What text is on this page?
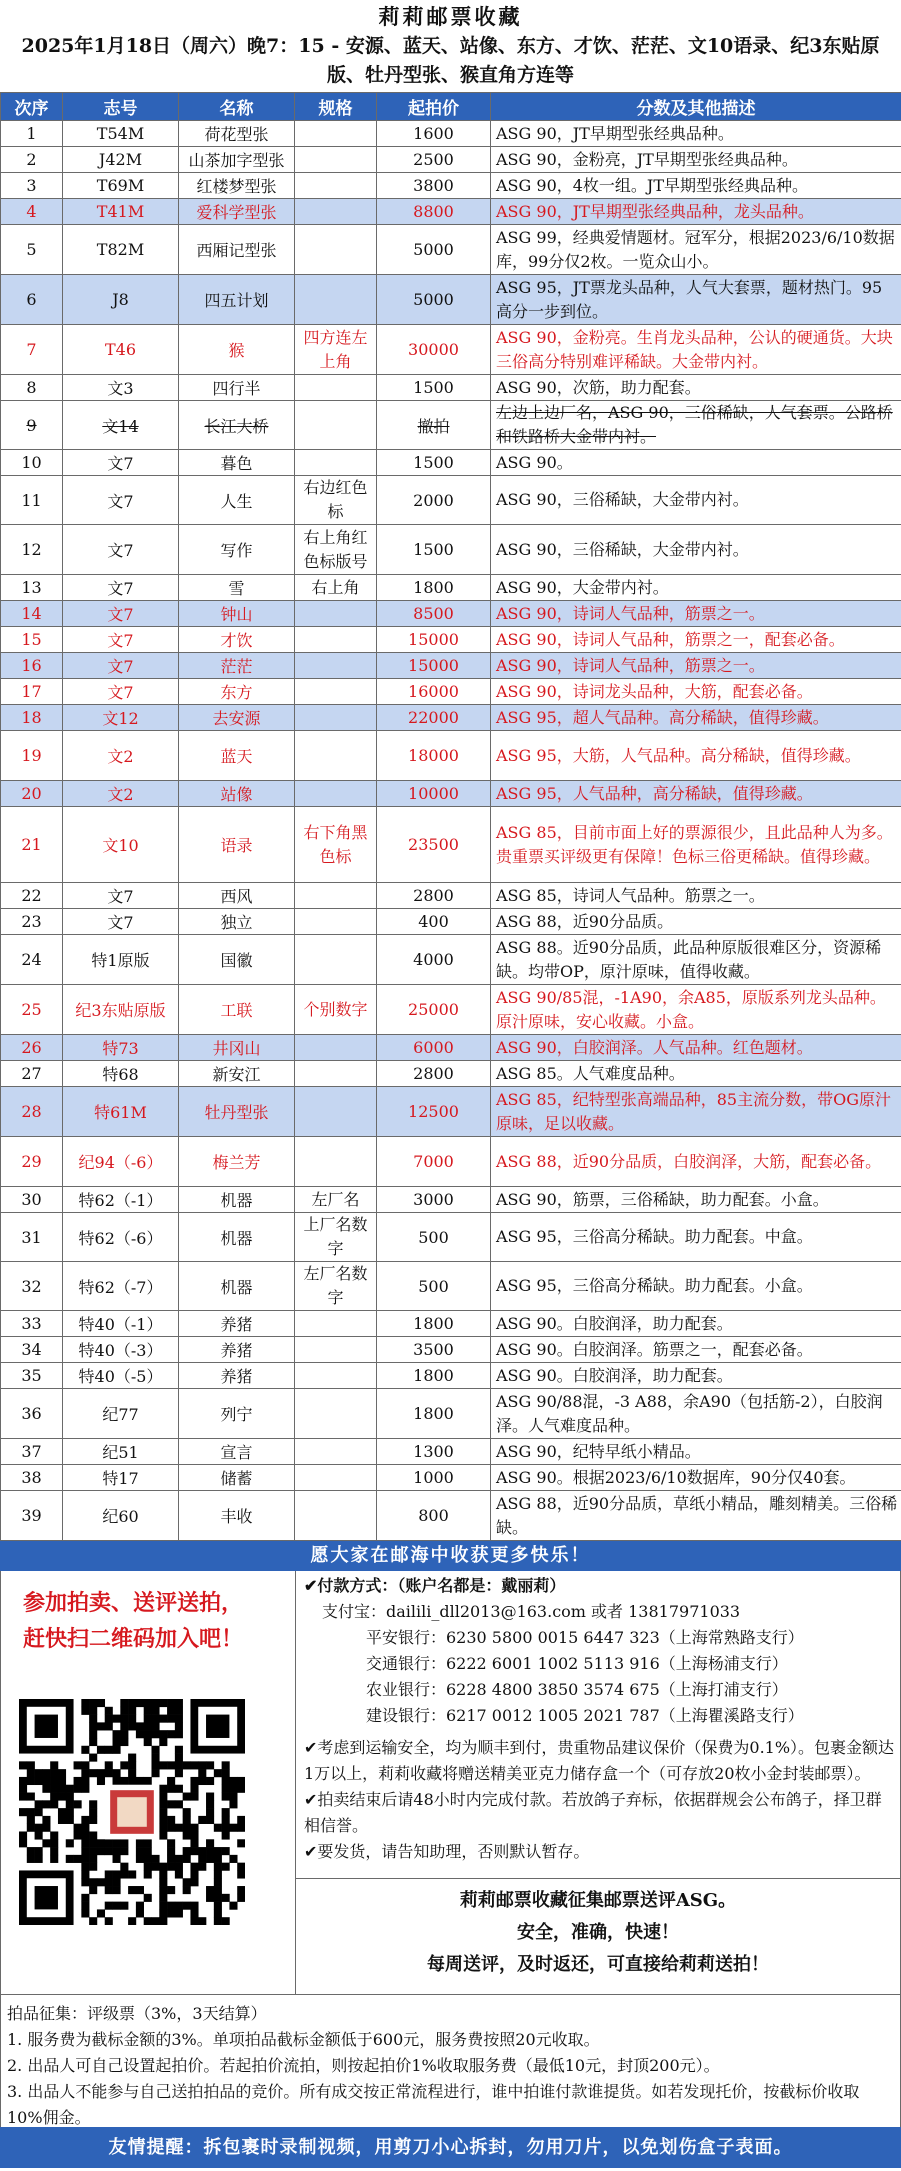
莉莉邮票收藏
2025年1月18日（周六）晚7：15 - 安源、蓝天、站像、东方、才饮、茫茫、文10语录、纪3东贴原版、牡丹型张、猴直角方连等
次序	志号	名称	规格	起拍价	分数及其他描述
1	T54M	荷花型张		1600	ASG 90，JT早期型张经典品种。
2	J42M	山茶加字型张		2500	ASG 90，金粉亮，JT早期型张经典品种。
3	T69M	红楼梦型张		3800	ASG 90，4枚一组。JT早期型张经典品种。
4	T41M	爱科学型张		8800	ASG 90，JT早期型张经典品种，龙头品种。
5	T82M	西厢记型张		5000	ASG 99，经典爱情题材。冠军分，根据2023/6/10数据库，99分仅2枚。一览众山小。
6	J8	四五计划		5000	ASG 95，JT票龙头品种，人气大套票，题材热门。95高分一步到位。
7	T46	猴	四方连左上角	30000	ASG 90，金粉亮。生肖龙头品种，公认的硬通货。大块三俗高分特别难评稀缺。大金带内衬。
8	文3	四行半		1500	ASG 90，次筋，助力配套。
9	文14	长江大桥		撤拍	左边上边厂名，ASG 90，三俗稀缺，人气套票。公路桥和铁路桥大金带内衬。
10	文7	暮色		1500	ASG 90。
11	文7	人生	右边红色标	2000	ASG 90，三俗稀缺，大金带内衬。
12	文7	写作	右上角红色标版号	1500	ASG 90，三俗稀缺，大金带内衬。
13	文7	雪	右上角	1800	ASG 90，大金带内衬。
14	文7	钟山		8500	ASG 90，诗词人气品种，筋票之一。
15	文7	才饮		15000	ASG 90，诗词人气品种，筋票之一，配套必备。
16	文7	茫茫		15000	ASG 90，诗词人气品种，筋票之一。
17	文7	东方		16000	ASG 90，诗词龙头品种，大筋，配套必备。
18	文12	去安源		22000	ASG 95，超人气品种。高分稀缺，值得珍藏。
19	文2	蓝天		18000	ASG 95，大筋，人气品种。高分稀缺，值得珍藏。
20	文2	站像		10000	ASG 95，人气品种，高分稀缺，值得珍藏。
21	文10	语录	右下角黑色标	23500	ASG 85，目前市面上好的票源很少，且此品种人为多。贵重票买评级更有保障！色标三俗更稀缺。值得珍藏。
22	文7	西风		2800	ASG 85，诗词人气品种。筋票之一。
23	文7	独立		400	ASG 88，近90分品质。
24	特1原版	国徽		4000	ASG 88。近90分品质，此品种原版很难区分，资源稀缺。均带OP，原汁原味，值得收藏。
25	纪3东贴原版	工联	个别数字	25000	ASG 90/85混，-1A90，余A85，原版系列龙头品种。原汁原味，安心收藏。小盒。
26	特73	井冈山		6000	ASG 90，白胶润泽。人气品种。红色题材。
27	特68	新安江		2800	ASG 85。人气难度品种。
28	特61M	牡丹型张		12500	ASG 85，纪特型张高端品种，85主流分数，带OG原汁原味，足以收藏。
29	纪94（-6）	梅兰芳		7000	ASG 88，近90分品质，白胶润泽，大筋，配套必备。
30	特62（-1）	机器	左厂名	3000	ASG 90，筋票，三俗稀缺，助力配套。小盒。
31	特62（-6）	机器	上厂名数字	500	ASG 95，三俗高分稀缺。助力配套。中盒。
32	特62（-7）	机器	左厂名数字	500	ASG 95，三俗高分稀缺。助力配套。小盒。
33	特40（-1）	养猪		1800	ASG 90。白胶润泽，助力配套。
34	特40（-3）	养猪		3500	ASG 90。白胶润泽。筋票之一，配套必备。
35	特40（-5）	养猪		1800	ASG 90。白胶润泽，助力配套。
36	纪77	列宁		1800	ASG 90/88混，-3 A88，余A90（包括筋-2），白胶润泽。人气难度品种。
37	纪51	宣言		1300	ASG 90，纪特早纸小精品。
38	特17	储蓄		1000	ASG 90。根据2023/6/10数据库，90分仅40套。
39	纪60	丰收		800	ASG 88，近90分品质，草纸小精品，雕刻精美。三俗稀缺。
愿大家在邮海中收获更多快乐！
参加拍卖、送评送拍，
赶快扫二维码加入吧！
✔付款方式：（账户名都是：戴丽莉）
支付宝：dailili_dll2013@163.com 或者 13817971033
平安银行：6230 5800 0015 6447 323（上海常熟路支行）
交通银行：6222 6001 1002 5113 916（上海杨浦支行）
农业银行：6228 4800 3850 3574 675（上海打浦支行）
建设银行：6217 0012 1005 2021 787（上海瞿溪路支行）
✔考虑到运输安全，均为顺丰到付，贵重物品建议保价（保费为0.1%）。包裹金额达1万以上，莉莉收藏将赠送精美亚克力储存盒一个（可存放20枚小金封装邮票）。
✔拍卖结束后请48小时内完成付款。若放鸽子弃标，依据群规会公布鸽子，择卫群相信誉。
✔要发货，请告知助理，否则默认暂存。
莉莉邮票收藏征集邮票送评ASG。
安全，准确，快速！
每周送评，及时返还，可直接给莉莉送拍！
拍品征集：评级票（3%，3天结算）
1. 服务费为截标金额的3%。单项拍品截标金额低于600元，服务费按照20元收取。
2. 出品人可自己设置起拍价。若起拍价流拍，则按起拍价1%收取服务费（最低10元，封顶200元）。
3. 出品人不能参与自己送拍拍品的竞价。所有成交按正常流程进行，谁中拍谁付款谁提货。如若发现托价，按截标价收取10%佣金。
友情提醒：拆包裹时录制视频，用剪刀小心拆封，勿用刀片，以免划伤盒子表面。
